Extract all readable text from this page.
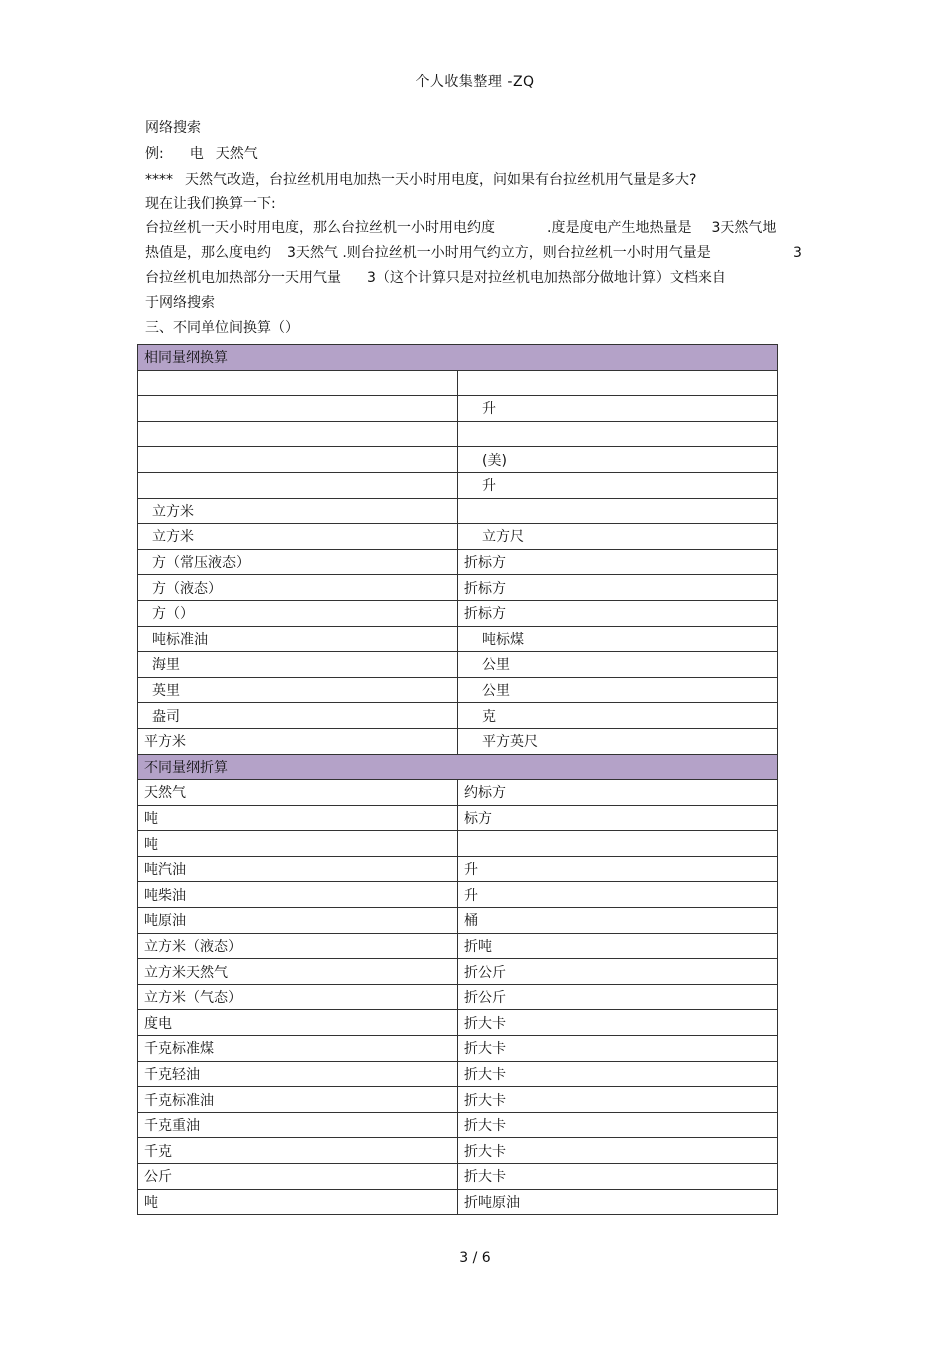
个人收集整理 -ZQ
网络搜索
例: 电 天然气
**** 天然气改造，台拉丝机用电加热一天小时用电度，问如果有台拉丝机用气量是多大?
现在让我们换算一下:
台拉丝机一天小时用电度，那么台拉丝机一小时用电约度	.度是度电产生地热量是 3天然气地
热值是，那么度电约 3天然气 .则台拉丝机一小时用气约立方，则台拉丝机一小时用气量是	3
台拉丝机电加热部分一天用气量 3（这个计算只是对拉丝机电加热部分做地计算）文档来自
于网络搜索
三、不同单位间换算（）
相同量纲换算	

	升

	(美)
	升
立方米	
立方米	立方尺
方（常压液态）	折标方
方（液态）	折标方
方（）	折标方
吨标准油	吨标煤
海里	公里
英里	公里
盎司	克
平方米	平方英尺
不同量纲折算	
天然气	约标方
吨	标方
吨	
吨汽油	升
吨柴油	升
吨原油	桶
立方米（液态）	折吨
立方米天然气	折公斤
立方米（气态）	折公斤
度电	折大卡
千克标准煤	折大卡
千克轻油	折大卡
千克标准油	折大卡
千克重油	折大卡
千克	折大卡
公斤	折大卡
吨	折吨原油
3 / 6
